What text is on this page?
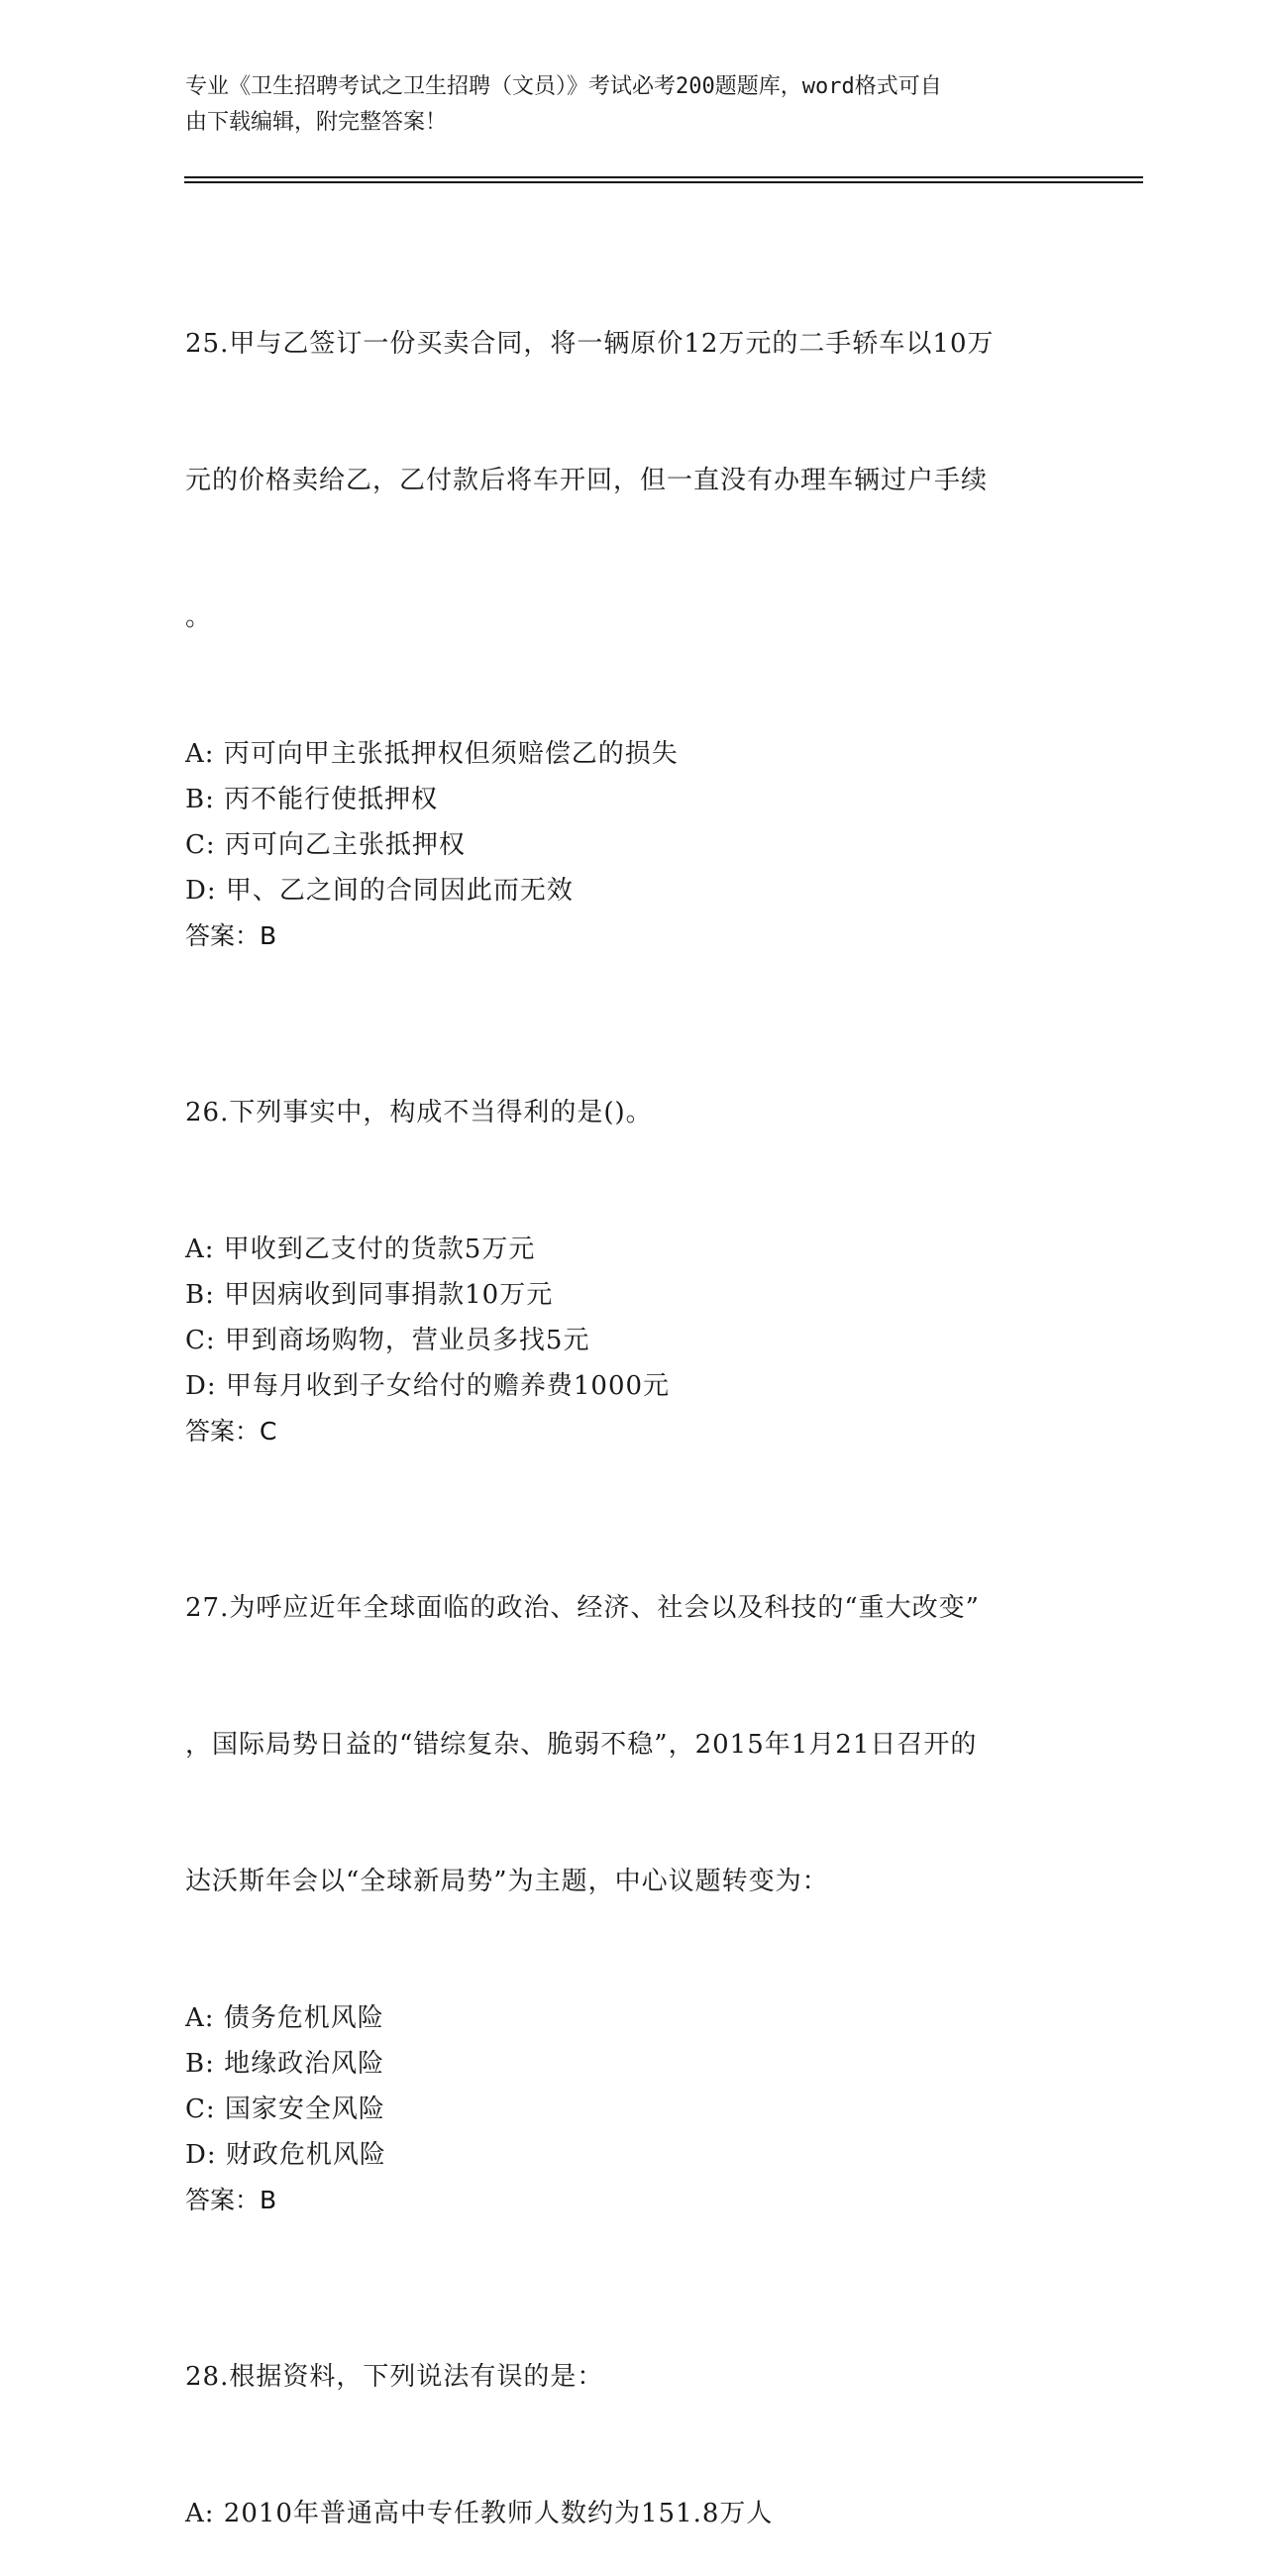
专业《卫生招聘考试之卫生招聘（文员）》考试必考200题题库，word格式可自
由下载编辑，附完整答案！

25.甲与乙签订一份买卖合同，将一辆原价12万元的二手轿车以10万

元的价格卖给乙，乙付款后将车开回，但一直没有办理车辆过户手续

。

A: 丙可向甲主张抵押权但须赔偿乙的损失
B: 丙不能行使抵押权
C: 丙可向乙主张抵押权
D: 甲、乙之间的合同因此而无效
答案：B

26.下列事实中，构成不当得利的是()。

A: 甲收到乙支付的货款5万元
B: 甲因病收到同事捐款10万元
C: 甲到商场购物，营业员多找5元
D: 甲每月收到子女给付的赡养费1000元
答案：C

27.为呼应近年全球面临的政治、经济、社会以及科技的“重大改变”

，国际局势日益的“错综复杂、脆弱不稳”，2015年1月21日召开的

达沃斯年会以“全球新局势”为主题，中心议题转变为：

A: 债务危机风险
B: 地缘政治风险
C: 国家安全风险
D: 财政危机风险
答案：B

28.根据资料，下列说法有误的是：

A: 2010年普通高中专任教师人数约为151.8万人
